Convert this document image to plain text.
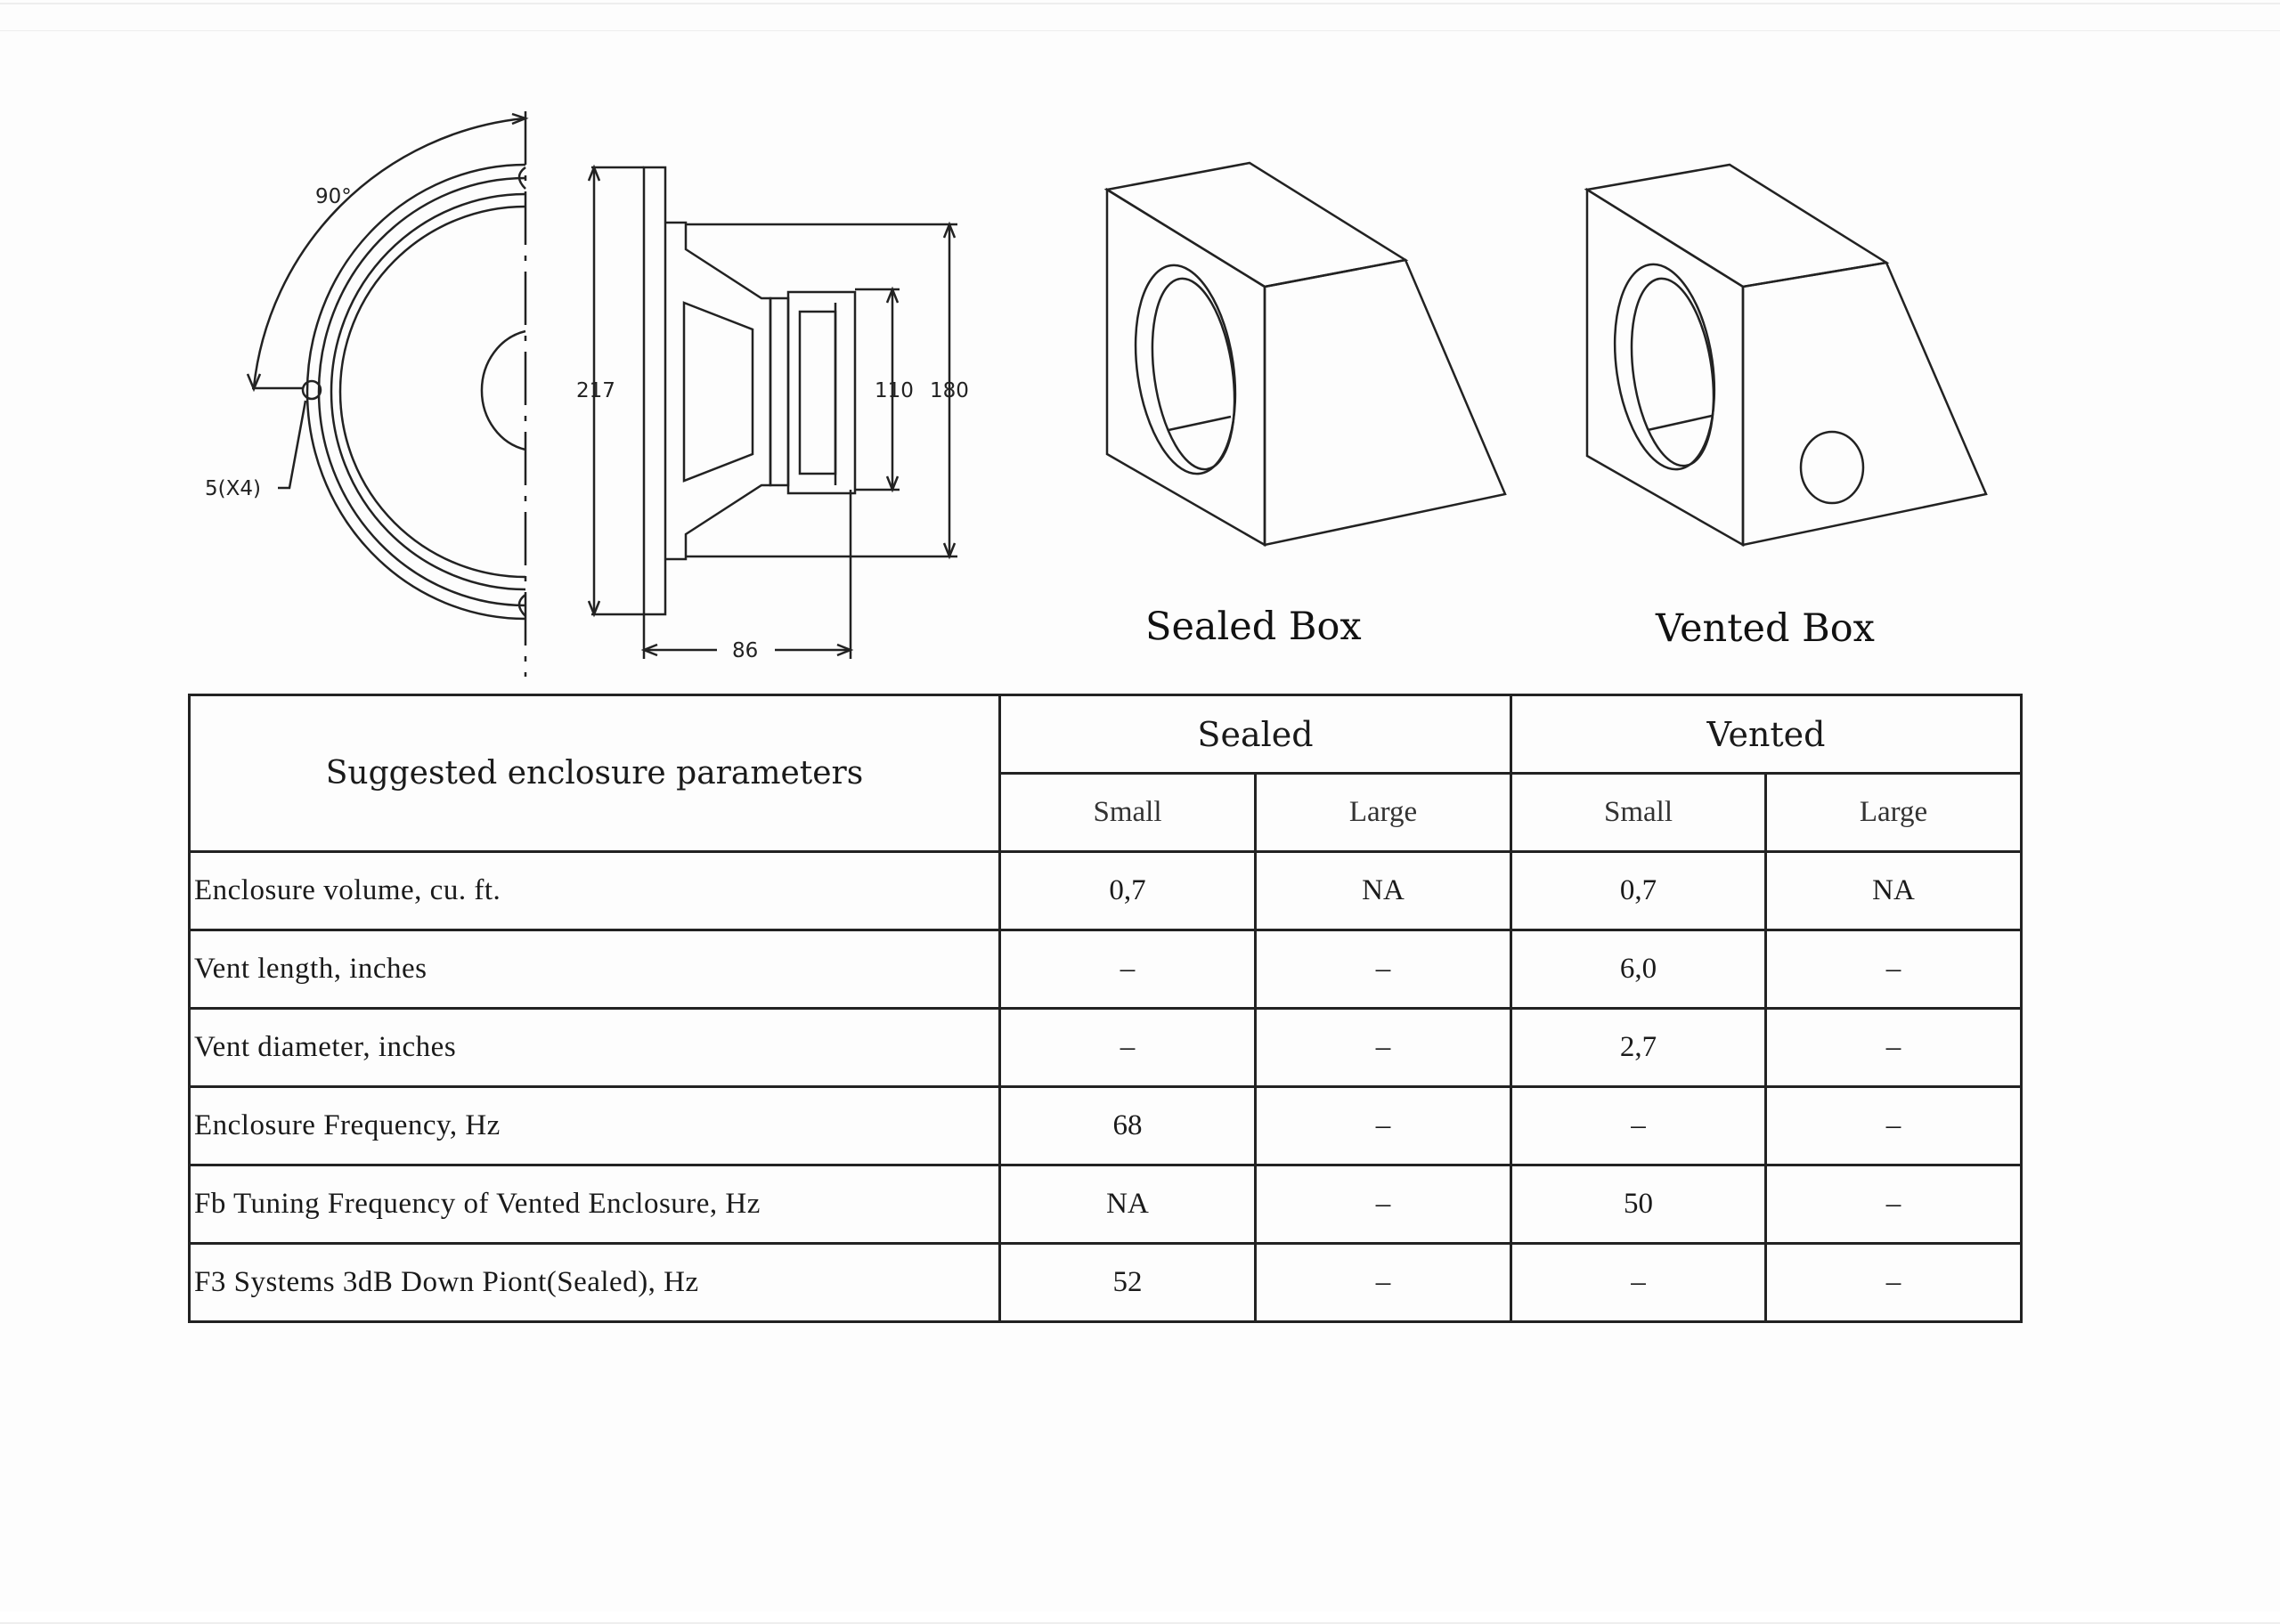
90°
5(X4)
217	110 180
86
Sealed Box	Vented Box
Suggested enclosure parameters	Sealed		Vented	
	Small	Large	Small	Large
Enclosure volume, cu. ft.	0,7	NA	0,7	NA
Vent length, inches	–	–	6,0	–
Vent diameter, inches	–	–	2,7	–
Enclosure Frequency, Hz	68	–	–	–
Fb Tuning Frequency of Vented Enclosure, Hz	NA	–	50	–
F3 Systems 3dB Down Piont(Sealed), Hz	52	–	–	–
